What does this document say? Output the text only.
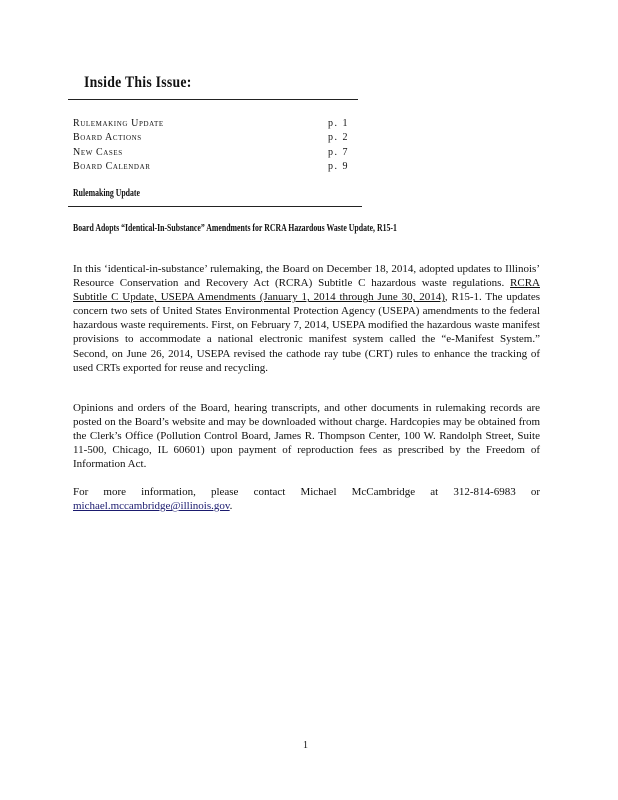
Inside This Issue:
Rulemaking Update	p. 1
Board Actions	p. 2
New Cases	p. 7
Board Calendar	p. 9
Rulemaking Update
Board Adopts “Identical-In-Substance” Amendments for RCRA Hazardous Waste Update, R15-1

In this ‘identical-in-substance’ rulemaking, the Board on December 18, 2014, adopted updates to Illinois’ Resource Conservation and Recovery Act (RCRA) Subtitle C hazardous waste regulations. RCRA Subtitle C Update, USEPA Amendments (January 1, 2014 through June 30, 2014), R15-1. The updates concern two sets of United States Environmental Protection Agency (USEPA) amendments to the federal hazardous waste requirements. First, on February 7, 2014, USEPA modified the hazardous waste manifest provisions to accommodate a national electronic manifest system called the “e-Manifest System.” Second, on June 26, 2014, USEPA revised the cathode ray tube (CRT) rules to enhance the tracking of used CRTs exported for reuse and recycling.

Opinions and orders of the Board, hearing transcripts, and other documents in rulemaking records are posted on the Board’s website and may be downloaded without charge. Hardcopies may be obtained from the Clerk’s Office (Pollution Control Board, James R. Thompson Center, 100 W. Randolph Street, Suite 11-500, Chicago, IL 60601) upon payment of reproduction fees as prescribed by the Freedom of Information Act.

For more information, please contact Michael McCambridge at 312-814-6983 or michael.mccambridge@illinois.gov.

1
